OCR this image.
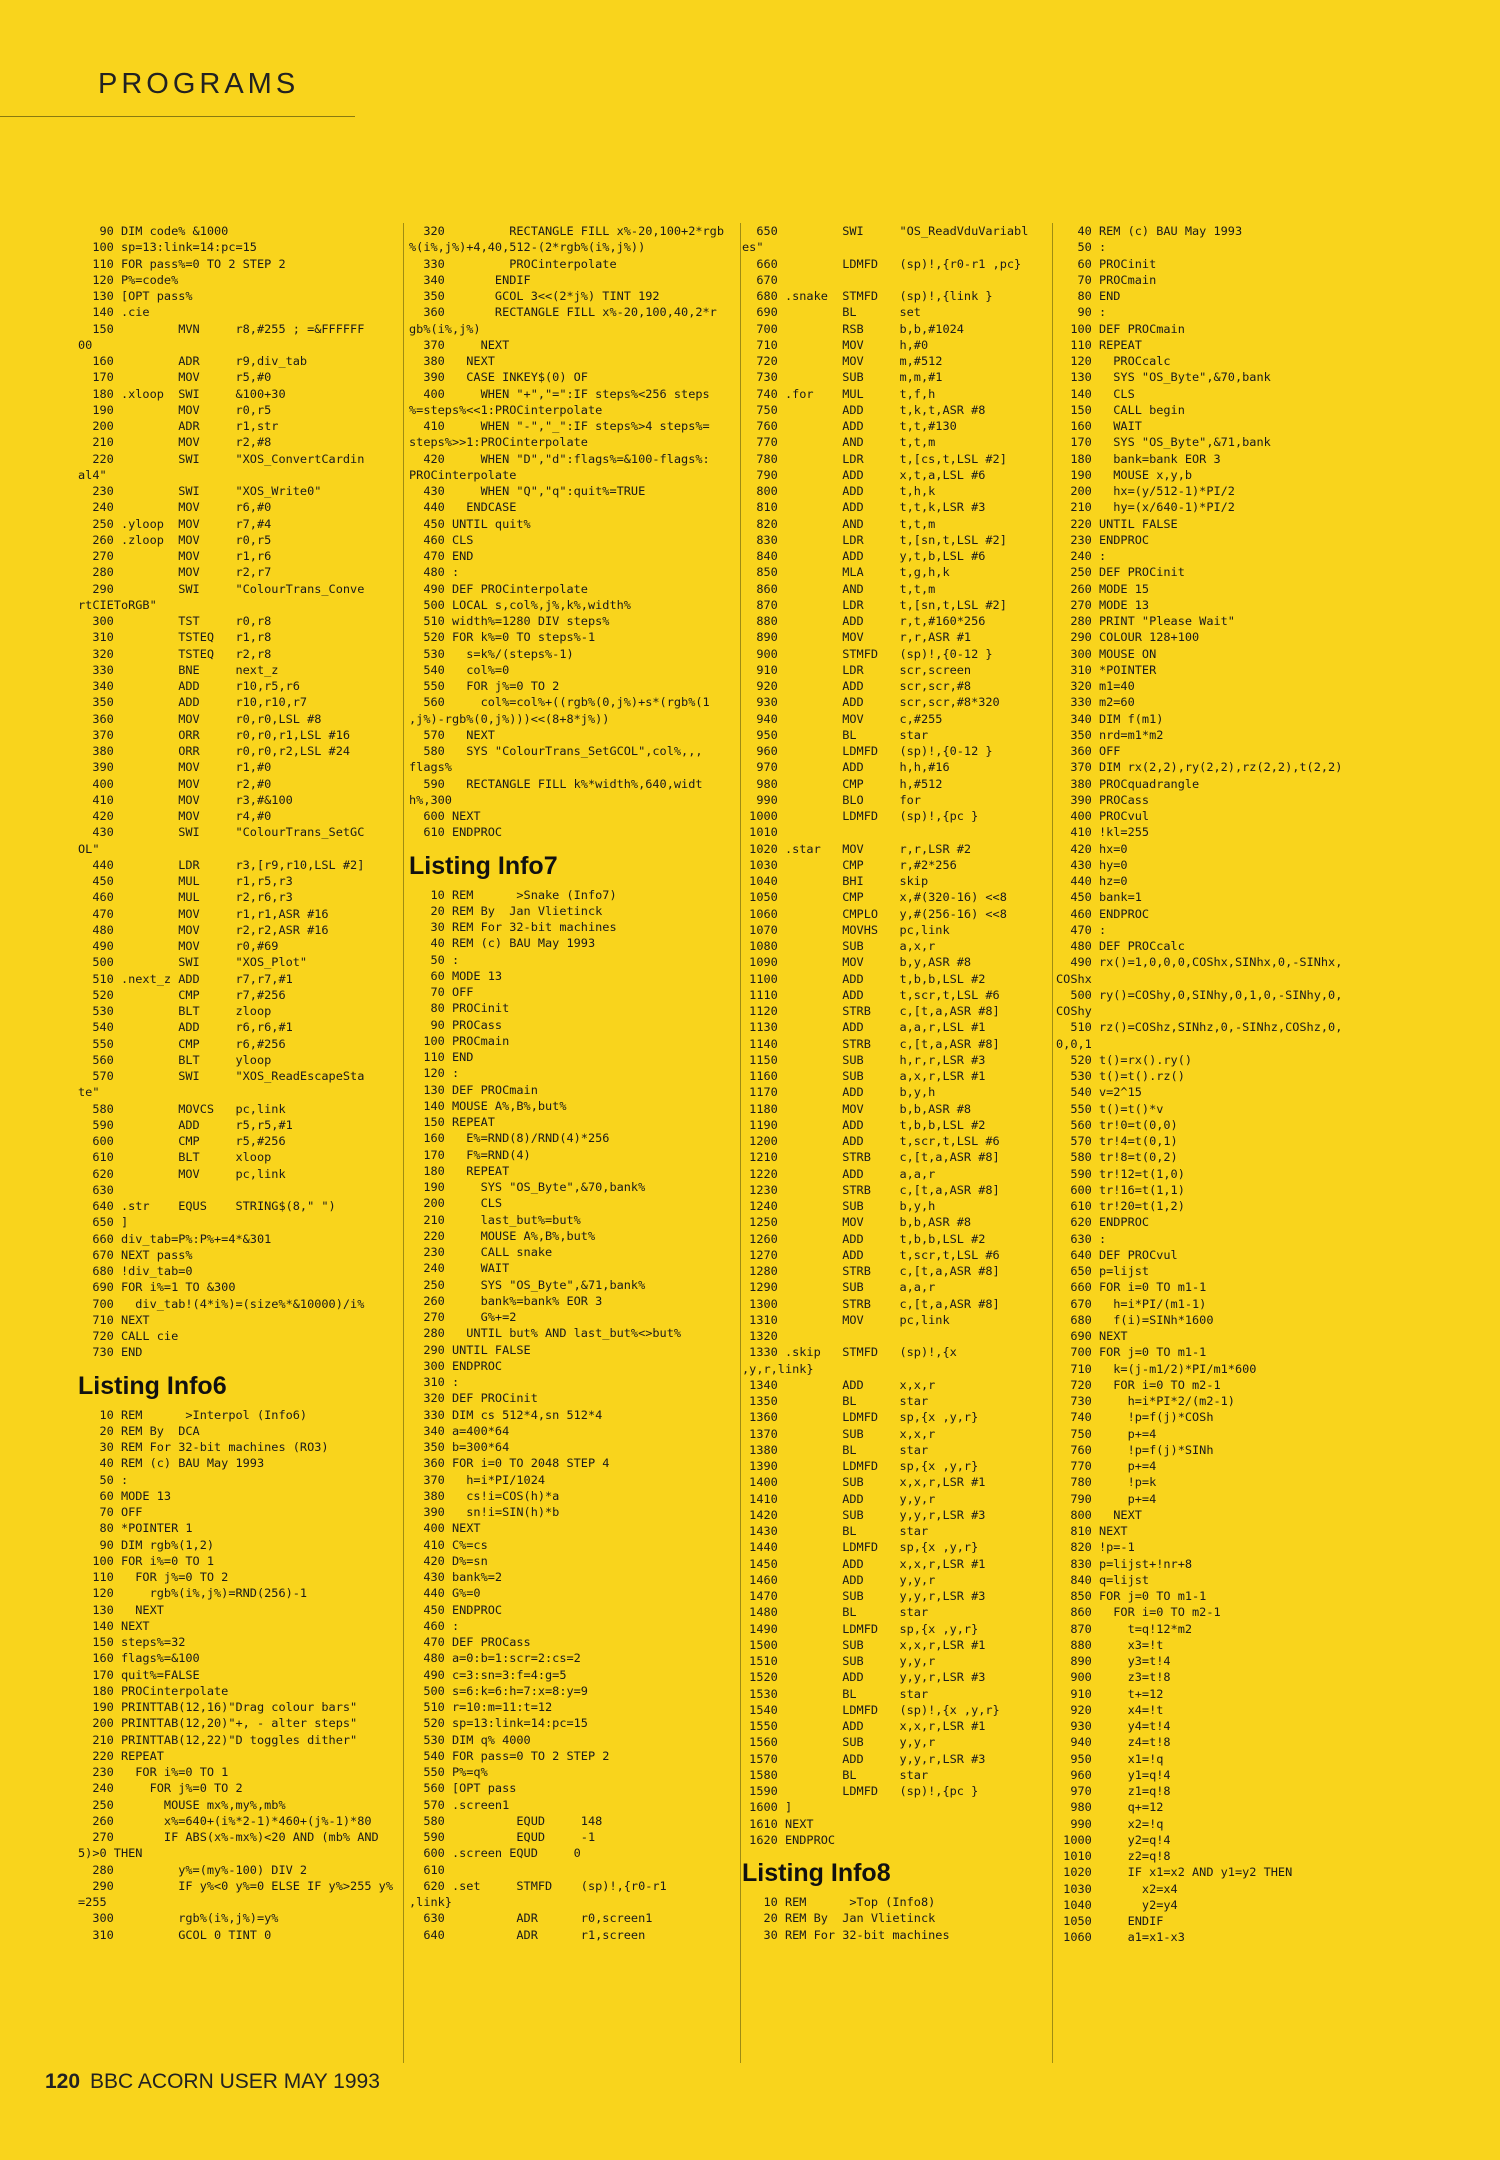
PROGRAMS
90 DIM code% &1000
100 sp=13:link=14:pc=15
110 FOR pass%=0 TO 2 STEP 2
120 P%=code%
130 [OPT pass%
140 .cie
150         MVN     r8,#255 ; =&FFFFFF
00
160         ADR     r9,div_tab
170         MOV     r5,#0
180 .xloop  SWI     &100+30
190         MOV     r0,r5
200         ADR     r1,str
210         MOV     r2,#8
220         SWI     "XOS_ConvertCardin
al4"
230         SWI     "XOS_Write0"
240         MOV     r6,#0
250 .yloop  MOV     r7,#4
260 .zloop  MOV     r0,r5
270         MOV     r1,r6
280         MOV     r2,r7
290         SWI     "ColourTrans_Conve
rtCIEToRGB"
300         TST     r0,r8
310         TSTEQ   r1,r8
320         TSTEQ   r2,r8
330         BNE     next_z
340         ADD     r10,r5,r6
350         ADD     r10,r10,r7
360         MOV     r0,r0,LSL #8
370         ORR     r0,r0,r1,LSL #16
380         ORR     r0,r0,r2,LSL #24
390         MOV     r1,#0
400         MOV     r2,#0
410         MOV     r3,#&100
420         MOV     r4,#0
430         SWI     "ColourTrans_SetGC
OL"
440         LDR     r3,[r9,r10,LSL #2]
450         MUL     r1,r5,r3
460         MUL     r2,r6,r3
470         MOV     r1,r1,ASR #16
480         MOV     r2,r2,ASR #16
490         MOV     r0,#69
500         SWI     "XOS_Plot"
510 .next_z ADD     r7,r7,#1
520         CMP     r7,#256
530         BLT     zloop
540         ADD     r6,r6,#1
550         CMP     r6,#256
560         BLT     yloop
570         SWI     "XOS_ReadEscapeSta
te"
580         MOVCS   pc,link
590         ADD     r5,r5,#1
600         CMP     r5,#256
610         BLT     xloop
620         MOV     pc,link
630
640 .str    EQUS    STRING$(8," ")
650 ]
660 div_tab=P%:P%+=4*&301
670 NEXT pass%
680 !div_tab=0
690 FOR i%=1 TO &300
700   div_tab!(4*i%)=(size%*&10000)/i%
710 NEXT
720 CALL cie
730 END
Listing Info6
10 REM      >Interpol (Info6)
20 REM By  DCA
30 REM For 32-bit machines (RO3)
40 REM (c) BAU May 1993
50 :
60 MODE 13
70 OFF
80 *POINTER 1
90 DIM rgb%(1,2)
100 FOR i%=0 TO 1
110   FOR j%=0 TO 2
120     rgb%(i%,j%)=RND(256)-1
130   NEXT
140 NEXT
150 steps%=32
160 flags%=&100
170 quit%=FALSE
180 PROCinterpolate
190 PRINTTAB(12,16)"Drag colour bars"
200 PRINTTAB(12,20)"+, - alter steps"
210 PRINTTAB(12,22)"D toggles dither"
220 REPEAT
230   FOR i%=0 TO 1
240     FOR j%=0 TO 2
250       MOUSE mx%,my%,mb%
260       x%=640+(i%*2-1)*460+(j%-1)*80
270       IF ABS(x%-mx%)<20 AND (mb% AND
5)>0 THEN
280         y%=(my%-100) DIV 2
290         IF y%<0 y%=0 ELSE IF y%>255 y%
=255
300         rgb%(i%,j%)=y%
310         GCOL 0 TINT 0
320         RECTANGLE FILL x%-20,100+2*rgb
%(i%,j%)+4,40,512-(2*rgb%(i%,j%))
330         PROCinterpolate
340       ENDIF
350       GCOL 3<<(2*j%) TINT 192
360       RECTANGLE FILL x%-20,100,40,2*r
gb%(i%,j%)
370     NEXT
380   NEXT
390   CASE INKEY$(0) OF
400     WHEN "+","=":IF steps%<256 steps
%=steps%<<1:PROCinterpolate
410     WHEN "-","_":IF steps%>4 steps%=
steps%>>1:PROCinterpolate
420     WHEN "D","d":flags%=&100-flags%:
PROCinterpolate
430     WHEN "Q","q":quit%=TRUE
440   ENDCASE
450 UNTIL quit%
460 CLS
470 END
480 :
490 DEF PROCinterpolate
500 LOCAL s,col%,j%,k%,width%
510 width%=1280 DIV steps%
520 FOR k%=0 TO steps%-1
530   s=k%/(steps%-1)
540   col%=0
550   FOR j%=0 TO 2
560     col%=col%+((rgb%(0,j%)+s*(rgb%(1
,j%)-rgb%(0,j%)))<<(8+8*j%))
570   NEXT
580   SYS "ColourTrans_SetGCOL",col%,,,
flags%
590   RECTANGLE FILL k%*width%,640,widt
h%,300
600 NEXT
610 ENDPROC
Listing Info7
10 REM      >Snake (Info7)
20 REM By  Jan Vlietinck
30 REM For 32-bit machines
40 REM (c) BAU May 1993
50 :
60 MODE 13
70 OFF
80 PROCinit
90 PROCass
100 PROCmain
110 END
120 :
130 DEF PROCmain
140 MOUSE A%,B%,but%
150 REPEAT
160   E%=RND(8)/RND(4)*256
170   F%=RND(4)
180   REPEAT
190     SYS "OS_Byte",&70,bank%
200     CLS
210     last_but%=but%
220     MOUSE A%,B%,but%
230     CALL snake
240     WAIT
250     SYS "OS_Byte",&71,bank%
260     bank%=bank% EOR 3
270     G%+=2
280   UNTIL but% AND last_but%<>but%
290 UNTIL FALSE
300 ENDPROC
310 :
320 DEF PROCinit
330 DIM cs 512*4,sn 512*4
340 a=400*64
350 b=300*64
360 FOR i=0 TO 2048 STEP 4
370   h=i*PI/1024
380   cs!i=COS(h)*a
390   sn!i=SIN(h)*b
400 NEXT
410 C%=cs
420 D%=sn
430 bank%=2
440 G%=0
450 ENDPROC
460 :
470 DEF PROCass
480 a=0:b=1:scr=2:cs=2
490 c=3:sn=3:f=4:g=5
500 s=6:k=6:h=7:x=8:y=9
510 r=10:m=11:t=12
520 sp=13:link=14:pc=15
530 DIM q% 4000
540 FOR pass=0 TO 2 STEP 2
550 P%=q%
560 [OPT pass
570 .screen1
580          EQUD     148
590          EQUD     -1
600 .screen EQUD     0
610
620 .set     STMFD    (sp)!,{r0-r1
,link}
630          ADR      r0,screen1
640          ADR      r1,screen
650         SWI     "OS_ReadVduVariabl
es"
660         LDMFD   (sp)!,{r0-r1 ,pc}
670
680 .snake  STMFD   (sp)!,{link }
690         BL      set
700         RSB     b,b,#1024
710         MOV     h,#0
720         MOV     m,#512
730         SUB     m,m,#1
740 .for    MUL     t,f,h
750         ADD     t,k,t,ASR #8
760         ADD     t,t,#130
770         AND     t,t,m
780         LDR     t,[cs,t,LSL #2]
790         ADD     x,t,a,LSL #6
800         ADD     t,h,k
810         ADD     t,t,k,LSR #3
820         AND     t,t,m
830         LDR     t,[sn,t,LSL #2]
840         ADD     y,t,b,LSL #6
850         MLA     t,g,h,k
860         AND     t,t,m
870         LDR     t,[sn,t,LSL #2]
880         ADD     r,t,#160*256
890         MOV     r,r,ASR #1
900         STMFD   (sp)!,{0-12 }
910         LDR     scr,screen
920         ADD     scr,scr,#8
930         ADD     scr,scr,#8*320
940         MOV     c,#255
950         BL      star
960         LDMFD   (sp)!,{0-12 }
970         ADD     h,h,#16
980         CMP     h,#512
990         BLO     for
1000         LDMFD   (sp)!,{pc }
1010
1020 .star   MOV     r,r,LSR #2
1030         CMP     r,#2*256
1040         BHI     skip
1050         CMP     x,#(320-16) <<8
1060         CMPLO   y,#(256-16) <<8
1070         MOVHS   pc,link
1080         SUB     a,x,r
1090         MOV     b,y,ASR #8
1100         ADD     t,b,b,LSL #2
1110         ADD     t,scr,t,LSL #6
1120         STRB    c,[t,a,ASR #8]
1130         ADD     a,a,r,LSL #1
1140         STRB    c,[t,a,ASR #8]
1150         SUB     h,r,r,LSR #3
1160         SUB     a,x,r,LSR #1
1170         ADD     b,y,h
1180         MOV     b,b,ASR #8
1190         ADD     t,b,b,LSL #2
1200         ADD     t,scr,t,LSL #6
1210         STRB    c,[t,a,ASR #8]
1220         ADD     a,a,r
1230         STRB    c,[t,a,ASR #8]
1240         SUB     b,y,h
1250         MOV     b,b,ASR #8
1260         ADD     t,b,b,LSL #2
1270         ADD     t,scr,t,LSL #6
1280         STRB    c,[t,a,ASR #8]
1290         SUB     a,a,r
1300         STRB    c,[t,a,ASR #8]
1310         MOV     pc,link
1320
1330 .skip   STMFD   (sp)!,{x
,y,r,link}
1340         ADD     x,x,r
1350         BL      star
1360         LDMFD   sp,{x ,y,r}
1370         SUB     x,x,r
1380         BL      star
1390         LDMFD   sp,{x ,y,r}
1400         SUB     x,x,r,LSR #1
1410         ADD     y,y,r
1420         SUB     y,y,r,LSR #3
1430         BL      star
1440         LDMFD   sp,{x ,y,r}
1450         ADD     x,x,r,LSR #1
1460         ADD     y,y,r
1470         SUB     y,y,r,LSR #3
1480         BL      star
1490         LDMFD   sp,{x ,y,r}
1500         SUB     x,x,r,LSR #1
1510         SUB     y,y,r
1520         ADD     y,y,r,LSR #3
1530         BL      star
1540         LDMFD   (sp)!,{x ,y,r}
1550         ADD     x,x,r,LSR #1
1560         SUB     y,y,r
1570         ADD     y,y,r,LSR #3
1580         BL      star
1590         LDMFD   (sp)!,{pc }
1600 ]
1610 NEXT
1620 ENDPROC
Listing Info8
10 REM      >Top (Info8)
20 REM By  Jan Vlietinck
30 REM For 32-bit machines
40 REM (c) BAU May 1993
50 :
60 PROCinit
70 PROCmain
80 END
90 :
100 DEF PROCmain
110 REPEAT
120   PROCcalc
130   SYS "OS_Byte",&70,bank
140   CLS
150   CALL begin
160   WAIT
170   SYS "OS_Byte",&71,bank
180   bank=bank EOR 3
190   MOUSE x,y,b
200   hx=(y/512-1)*PI/2
210   hy=(x/640-1)*PI/2
220 UNTIL FALSE
230 ENDPROC
240 :
250 DEF PROCinit
260 MODE 15
270 MODE 13
280 PRINT "Please Wait"
290 COLOUR 128+100
300 MOUSE ON
310 *POINTER
320 m1=40
330 m2=60
340 DIM f(m1)
350 nrd=m1*m2
360 OFF
370 DIM rx(2,2),ry(2,2),rz(2,2),t(2,2)
380 PROCquadrangle
390 PROCass
400 PROCvul
410 !kl=255
420 hx=0
430 hy=0
440 hz=0
450 bank=1
460 ENDPROC
470 :
480 DEF PROCcalc
490 rx()=1,0,0,0,COShx,SINhx,0,-SINhx,
COShx
500 ry()=COShy,0,SINhy,0,1,0,-SINhy,0,
COShy
510 rz()=COShz,SINhz,0,-SINhz,COShz,0,
0,0,1
520 t()=rx().ry()
530 t()=t().rz()
540 v=2^15
550 t()=t()*v
560 tr!0=t(0,0)
570 tr!4=t(0,1)
580 tr!8=t(0,2)
590 tr!12=t(1,0)
600 tr!16=t(1,1)
610 tr!20=t(1,2)
620 ENDPROC
630 :
640 DEF PROCvul
650 p=lijst
660 FOR i=0 TO m1-1
670   h=i*PI/(m1-1)
680   f(i)=SINh*1600
690 NEXT
700 FOR j=0 TO m1-1
710   k=(j-m1/2)*PI/m1*600
720   FOR i=0 TO m2-1
730     h=i*PI*2/(m2-1)
740     !p=f(j)*COSh
750     p+=4
760     !p=f(j)*SINh
770     p+=4
780     !p=k
790     p+=4
800   NEXT
810 NEXT
820 !p=-1
830 p=lijst+!nr+8
840 q=lijst
850 FOR j=0 TO m1-1
860   FOR i=0 TO m2-1
870     t=q!12*m2
880     x3=!t
890     y3=t!4
900     z3=t!8
910     t+=12
920     x4=!t
930     y4=t!4
940     z4=t!8
950     x1=!q
960     y1=q!4
970     z1=q!8
980     q+=12
990     x2=!q
1000     y2=q!4
1010     z2=q!8
1020     IF x1=x2 AND y1=y2 THEN
1030       x2=x4
1040       y2=y4
1050     ENDIF
1060     a1=x1-x3
120 BBC ACORN USER MAY 1993
